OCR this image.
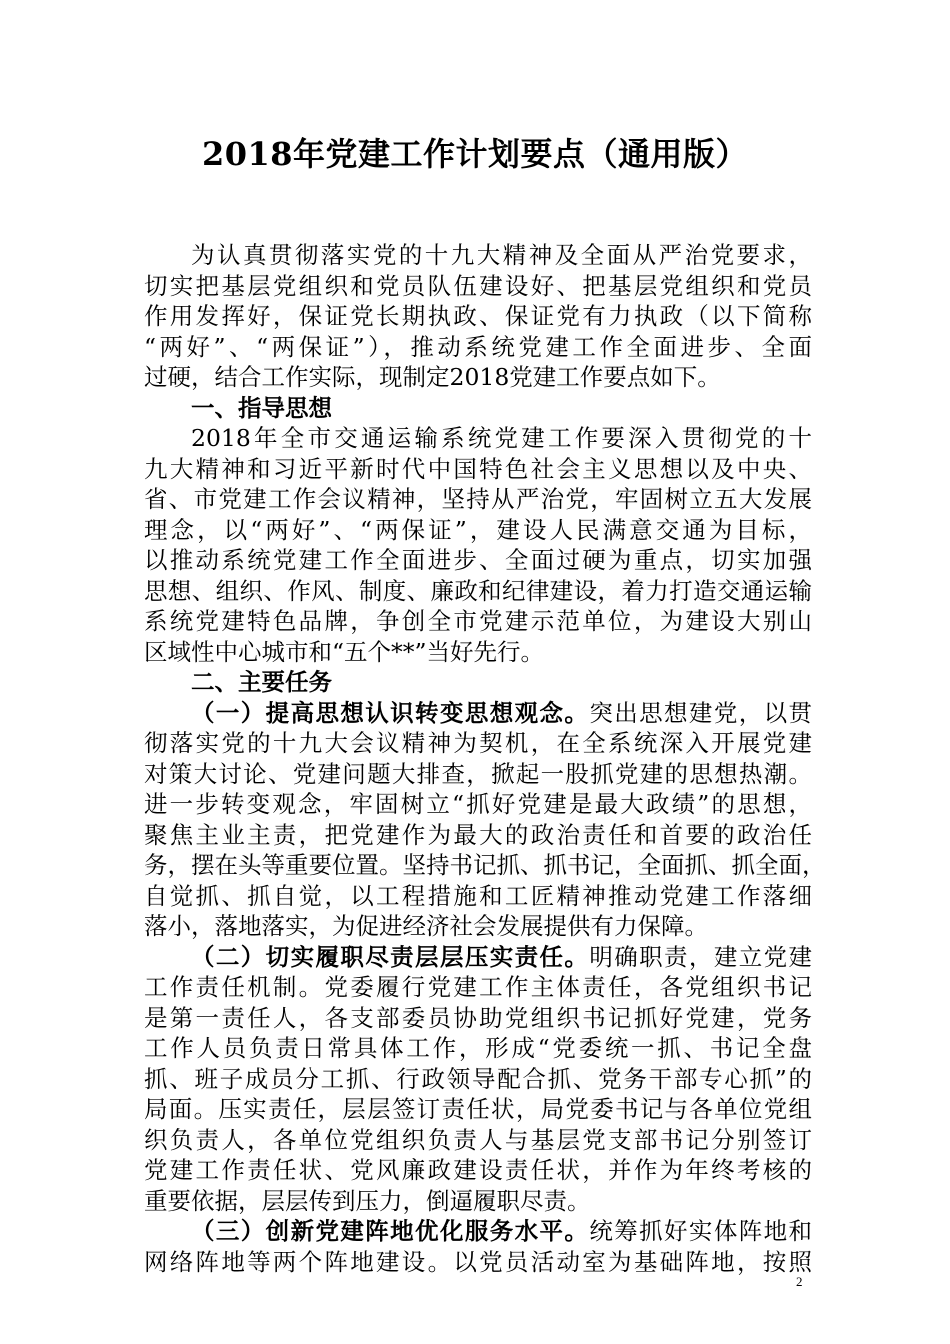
2018年党建工作计划要点（通用版）
为认真贯彻落实党的十九大精神及全面从严治党要求，
切实把基层党组织和党员队伍建设好、把基层党组织和党员
作用发挥好，保证党长期执政、保证党有力执政（以下简称
“两好”、“两保证”），推动系统党建工作全面进步、全面
过硬，结合工作实际，现制定2018党建工作要点如下。
一、指导思想
2018年全市交通运输系统党建工作要深入贯彻党的十
九大精神和习近平新时代中国特色社会主义思想以及中央、
省、市党建工作会议精神，坚持从严治党，牢固树立五大发展
理念，以“两好”、“两保证”，建设人民满意交通为目标，
以推动系统党建工作全面进步、全面过硬为重点，切实加强
思想、组织、作风、制度、廉政和纪律建设，着力打造交通运输
系统党建特色品牌，争创全市党建示范单位，为建设大别山
区域性中心城市和“五个**”当好先行。
二、主要任务
（一）提高思想认识转变思想观念。突出思想建党，以贯
彻落实党的十九大会议精神为契机，在全系统深入开展党建
对策大讨论、党建问题大排查，掀起一股抓党建的思想热潮。
进一步转变观念，牢固树立“抓好党建是最大政绩”的思想，
聚焦主业主责，把党建作为最大的政治责任和首要的政治任
务，摆在头等重要位置。坚持书记抓、抓书记，全面抓、抓全面，
自觉抓、抓自觉，以工程措施和工匠精神推动党建工作落细
落小，落地落实，为促进经济社会发展提供有力保障。
（二）切实履职尽责层层压实责任。明确职责，建立党建
工作责任机制。党委履行党建工作主体责任，各党组织书记
是第一责任人，各支部委员协助党组织书记抓好党建，党务
工作人员负责日常具体工作，形成“党委统一抓、书记全盘
抓、班子成员分工抓、行政领导配合抓、党务干部专心抓”的
局面。压实责任，层层签订责任状，局党委书记与各单位党组
织负责人，各单位党组织负责人与基层党支部书记分别签订
党建工作责任状、党风廉政建设责任状，并作为年终考核的
重要依据，层层传到压力，倒逼履职尽责。
（三）创新党建阵地优化服务水平。统筹抓好实体阵地和
网络阵地等两个阵地建设。以党员活动室为基础阵地，按照
2
